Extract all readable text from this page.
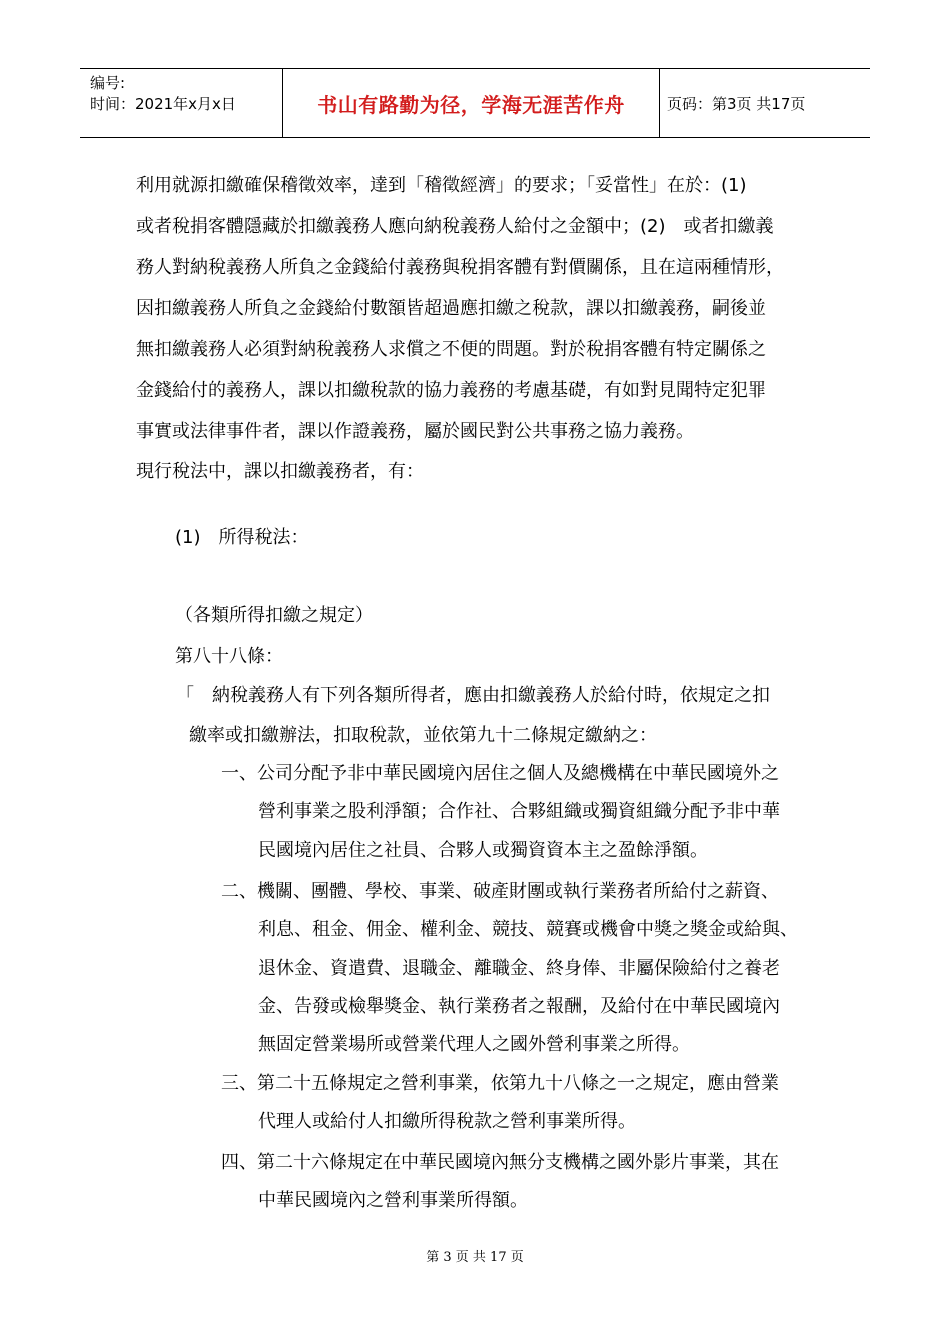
编号:
时间：2021年x月x日	书山有路勤为径，学海无涯苦作舟	页码：第3页 共17页
利用就源扣繳確保稽徵效率，達到「稽徵經濟」的要求；「妥當性」在於：(1)
或者稅捐客體隱藏於扣繳義務人應向納稅義務人給付之金額中；(2)　或者扣繳義
務人對納稅義務人所負之金錢給付義務與稅捐客體有對價關係，且在這兩種情形，
因扣繳義務人所負之金錢給付數額皆超過應扣繳之稅款，課以扣繳義務，嗣後並
無扣繳義務人必須對納稅義務人求償之不便的問題。對於稅捐客體有特定關係之
金錢給付的義務人，課以扣繳稅款的協力義務的考慮基礎，有如對見聞特定犯罪
事實或法律事件者，課以作證義務，屬於國民對公共事務之協力義務。
現行稅法中，課以扣繳義務者，有：
(1)　所得稅法：
（各類所得扣繳之規定）
第八十八條：
「　納稅義務人有下列各類所得者，應由扣繳義務人於給付時，依規定之扣
繳率或扣繳辦法，扣取稅款，並依第九十二條規定繳納之：
一、公司分配予非中華民國境內居住之個人及總機構在中華民國境外之
營利事業之股利淨額；合作社、合夥組織或獨資組織分配予非中華
民國境內居住之社員、合夥人或獨資資本主之盈餘淨額。
二、機關、團體、學校、事業、破產財團或執行業務者所給付之薪資、
利息、租金、佣金、權利金、競技、競賽或機會中獎之獎金或給與、
退休金、資遣費、退職金、離職金、終身俸、非屬保險給付之養老
金、告發或檢舉獎金、執行業務者之報酬，及給付在中華民國境內
無固定營業場所或營業代理人之國外營利事業之所得。
三、第二十五條規定之營利事業，依第九十八條之一之規定，應由營業
代理人或給付人扣繳所得稅款之營利事業所得。
四、第二十六條規定在中華民國境內無分支機構之國外影片事業，其在
中華民國境內之營利事業所得額。
第 3 页 共 17 页
